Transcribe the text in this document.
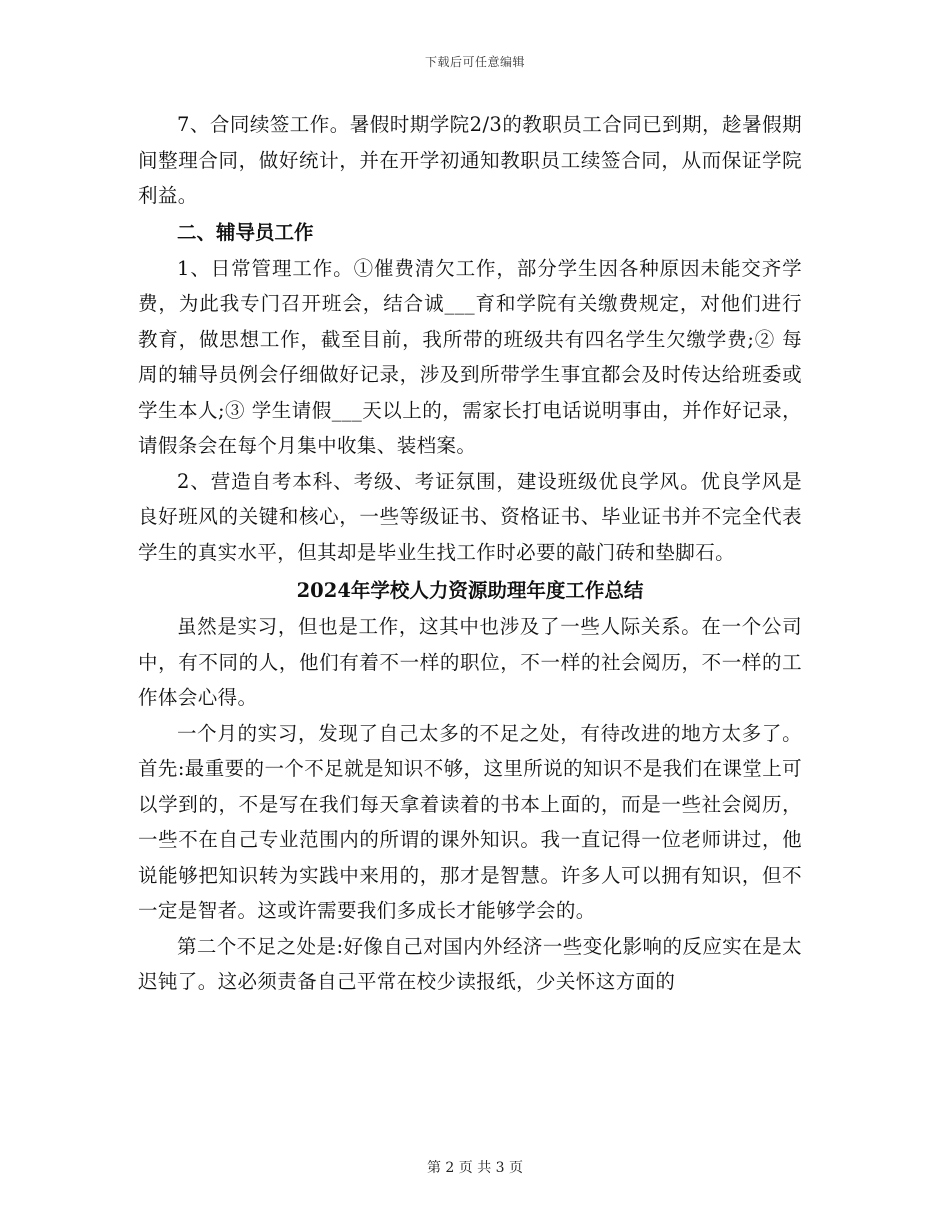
下载后可任意编辑

7、合同续签工作。暑假时期学院2/3的教职员工合同已到期，趁暑假期间整理合同，做好统计，并在开学初通知教职员工续签合同，从而保证学院利益。

二、辅导员工作

1、日常管理工作。①催费清欠工作，部分学生因各种原因未能交齐学费，为此我专门召开班会，结合诚___育和学院有关缴费规定，对他们进行教育，做思想工作，截至目前，我所带的班级共有四名学生欠缴学费;② 每周的辅导员例会仔细做好记录，涉及到所带学生事宜都会及时传达给班委或学生本人;③ 学生请假___天以上的，需家长打电话说明事由，并作好记录，请假条会在每个月集中收集、装档案。

2、营造自考本科、考级、考证氛围，建设班级优良学风。优良学风是良好班风的关键和核心，一些等级证书、资格证书、毕业证书并不完全代表学生的真实水平，但其却是毕业生找工作时必要的敲门砖和垫脚石。

2024年学校人力资源助理年度工作总结

虽然是实习，但也是工作，这其中也涉及了一些人际关系。在一个公司中，有不同的人，他们有着不一样的职位，不一样的社会阅历，不一样的工作体会心得。

一个月的实习，发现了自己太多的不足之处，有待改进的地方太多了。首先:最重要的一个不足就是知识不够，这里所说的知识不是我们在课堂上可以学到的，不是写在我们每天拿着读着的书本上面的，而是一些社会阅历，一些不在自己专业范围内的所谓的课外知识。我一直记得一位老师讲过，他说能够把知识转为实践中来用的，那才是智慧。许多人可以拥有知识，但不一定是智者。这或许需要我们多成长才能够学会的。

第二个不足之处是:好像自己对国内外经济一些变化影响的反应实在是太迟钝了。这必须责备自己平常在校少读报纸，少关怀这方面的

第 2 页 共 3 页
